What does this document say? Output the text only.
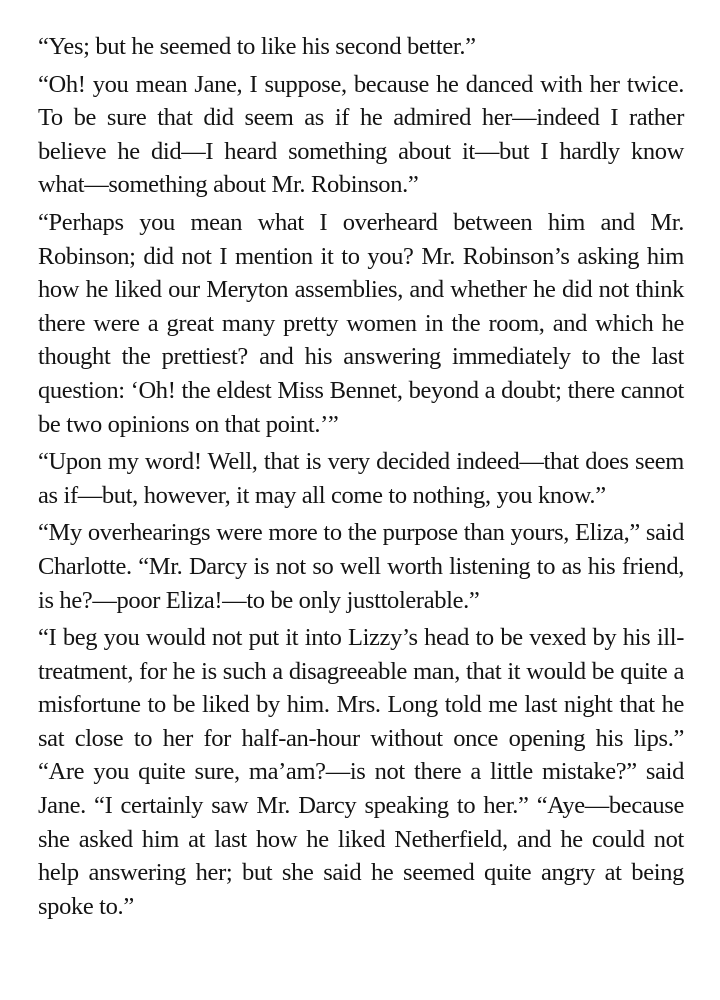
“Yes; but he seemed to like his second better.”

“Oh! you mean Jane, I suppose, because he danced with her twice. To be sure that did seem as if he admired her—indeed I rather believe he did—I heard something about it—but I hardly know what—something about Mr. Robinson.”

“Perhaps you mean what I overheard between him and Mr. Robinson; did not I mention it to you? Mr. Robinson’s asking him how he liked our Meryton assemblies, and whether he did not think there were a great many pretty women in the room, and which he thought the prettiest? and his answering immediately to the last question: ‘Oh! the eldest Miss Bennet, beyond a doubt; there cannot be two opinions on that point.’”

“Upon my word! Well, that is very decided indeed—that does seem as if—but, however, it may all come to nothing, you know.”

“My overhearings were more to the purpose than yours, Eliza,” said Charlotte. “Mr. Darcy is not so well worth listening to as his friend, is he?—poor Eliza!—to be only justtolerable.”

“I beg you would not put it into Lizzy’s head to be vexed by his ill-treatment, for he is such a disagreeable man, that it would be quite a misfortune to be liked by him. Mrs. Long told me last night that he sat close to her for half-an-hour without once opening his lips.” “Are you quite sure, ma’am?—is not there a little mistake?” said Jane. “I certainly saw Mr. Darcy speaking to her.” “Aye—because she asked him at last how he liked Netherfield, and he could not help answering her; but she said he seemed quite angry at being spoke to.”
